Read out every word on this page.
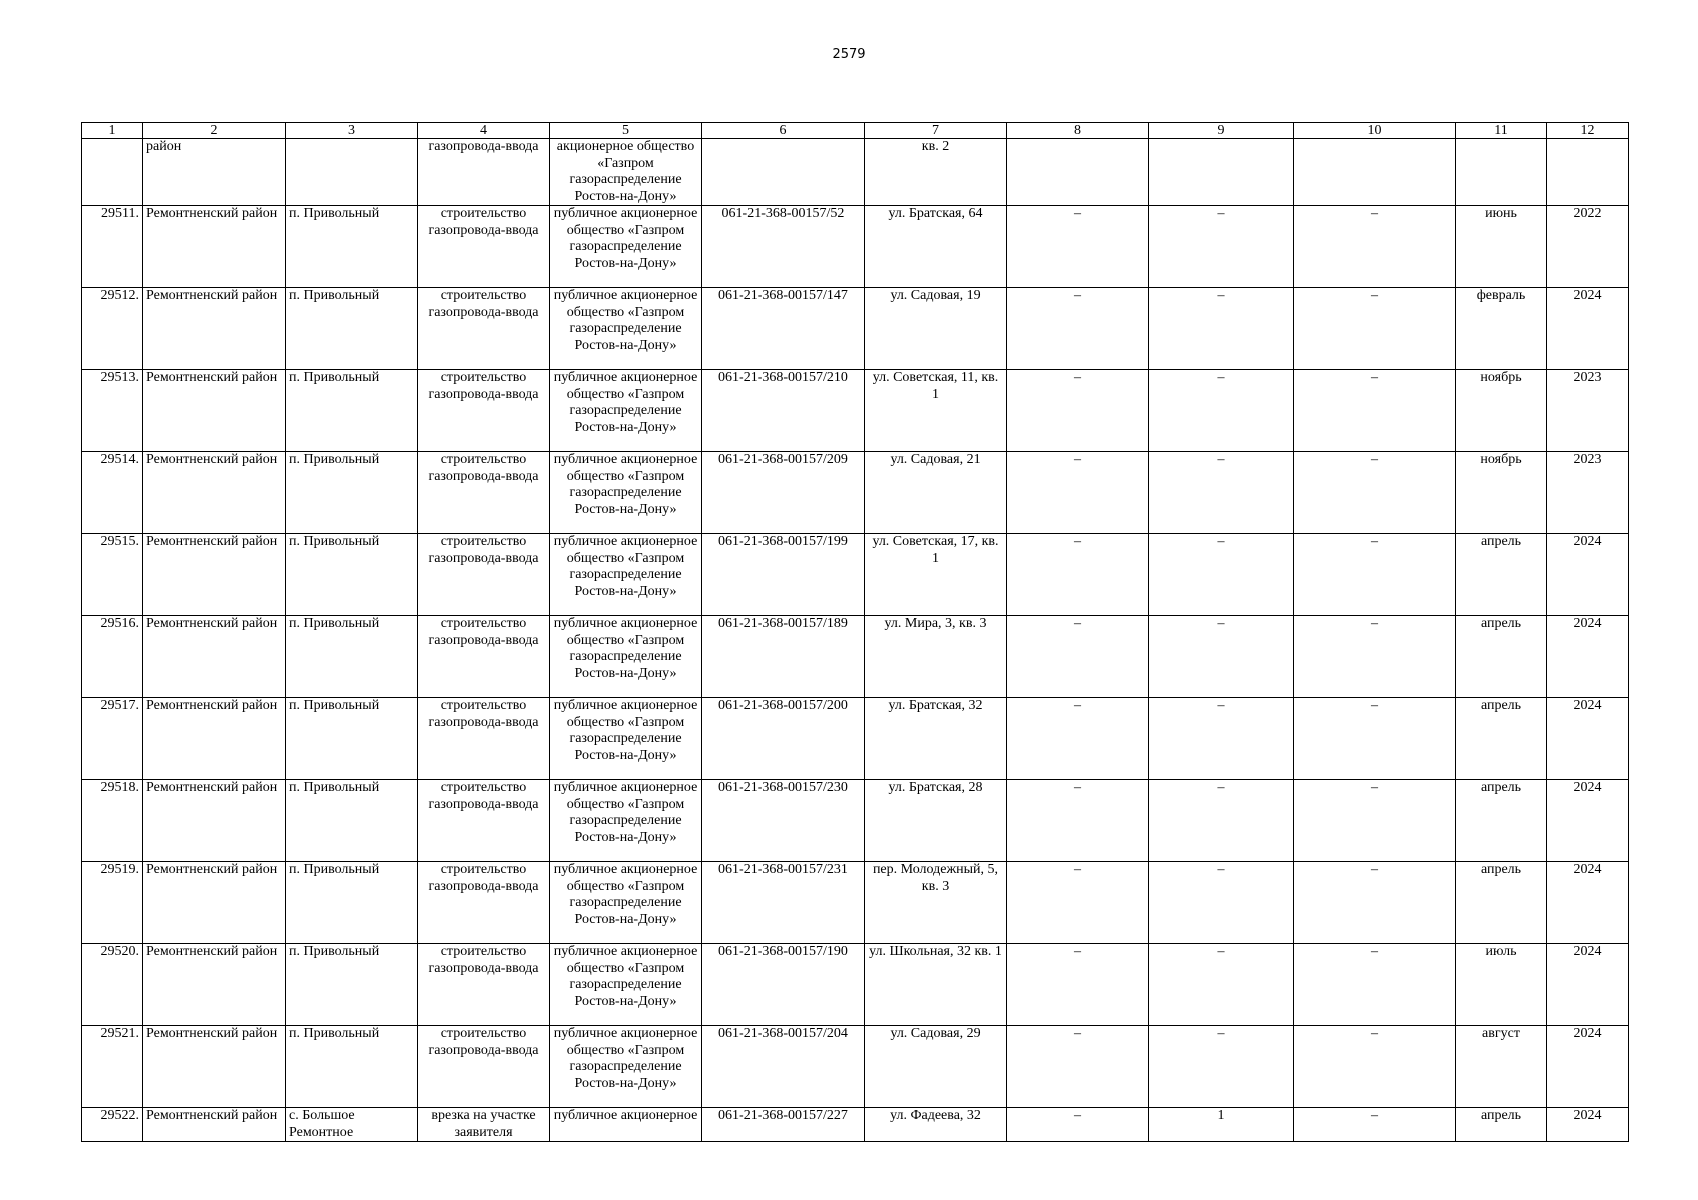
2579
1	2	3	4	5	6	7	8	9	10	11	12
	район		газопровода-ввода	акционерное общество «Газпром газораспределение Ростов-на-Дону»		кв. 2					
29511.	Ремонтненский район	п. Привольный	строительство газопровода-ввода	публичное акционерное общество «Газпром газораспределение Ростов-на-Дону»	061-21-368-00157/52	ул. Братская, 64	–	–	–	июнь	2022
29512.	Ремонтненский район	п. Привольный	строительство газопровода-ввода	публичное акционерное общество «Газпром газораспределение Ростов-на-Дону»	061-21-368-00157/147	ул. Садовая, 19	–	–	–	февраль	2024
29513.	Ремонтненский район	п. Привольный	строительство газопровода-ввода	публичное акционерное общество «Газпром газораспределение Ростов-на-Дону»	061-21-368-00157/210	ул. Советская, 11, кв. 1	–	–	–	ноябрь	2023
29514.	Ремонтненский район	п. Привольный	строительство газопровода-ввода	публичное акционерное общество «Газпром газораспределение Ростов-на-Дону»	061-21-368-00157/209	ул. Садовая, 21	–	–	–	ноябрь	2023
29515.	Ремонтненский район	п. Привольный	строительство газопровода-ввода	публичное акционерное общество «Газпром газораспределение Ростов-на-Дону»	061-21-368-00157/199	ул. Советская, 17, кв. 1	–	–	–	апрель	2024
29516.	Ремонтненский район	п. Привольный	строительство газопровода-ввода	публичное акционерное общество «Газпром газораспределение Ростов-на-Дону»	061-21-368-00157/189	ул. Мира, 3, кв. 3	–	–	–	апрель	2024
29517.	Ремонтненский район	п. Привольный	строительство газопровода-ввода	публичное акционерное общество «Газпром газораспределение Ростов-на-Дону»	061-21-368-00157/200	ул. Братская, 32	–	–	–	апрель	2024
29518.	Ремонтненский район	п. Привольный	строительство газопровода-ввода	публичное акционерное общество «Газпром газораспределение Ростов-на-Дону»	061-21-368-00157/230	ул. Братская, 28	–	–	–	апрель	2024
29519.	Ремонтненский район	п. Привольный	строительство газопровода-ввода	публичное акционерное общество «Газпром газораспределение Ростов-на-Дону»	061-21-368-00157/231	пер. Молодежный, 5, кв. 3	–	–	–	апрель	2024
29520.	Ремонтненский район	п. Привольный	строительство газопровода-ввода	публичное акционерное общество «Газпром газораспределение Ростов-на-Дону»	061-21-368-00157/190	ул. Школьная, 32 кв. 1	–	–	–	июль	2024
29521.	Ремонтненский район	п. Привольный	строительство газопровода-ввода	публичное акционерное общество «Газпром газораспределение Ростов-на-Дону»	061-21-368-00157/204	ул. Садовая, 29	–	–	–	август	2024
29522.	Ремонтненский район	с. Большое Ремонтное	врезка на участке заявителя	публичное акционерное	061-21-368-00157/227	ул. Фадеева, 32	–	1	–	апрель	2024
